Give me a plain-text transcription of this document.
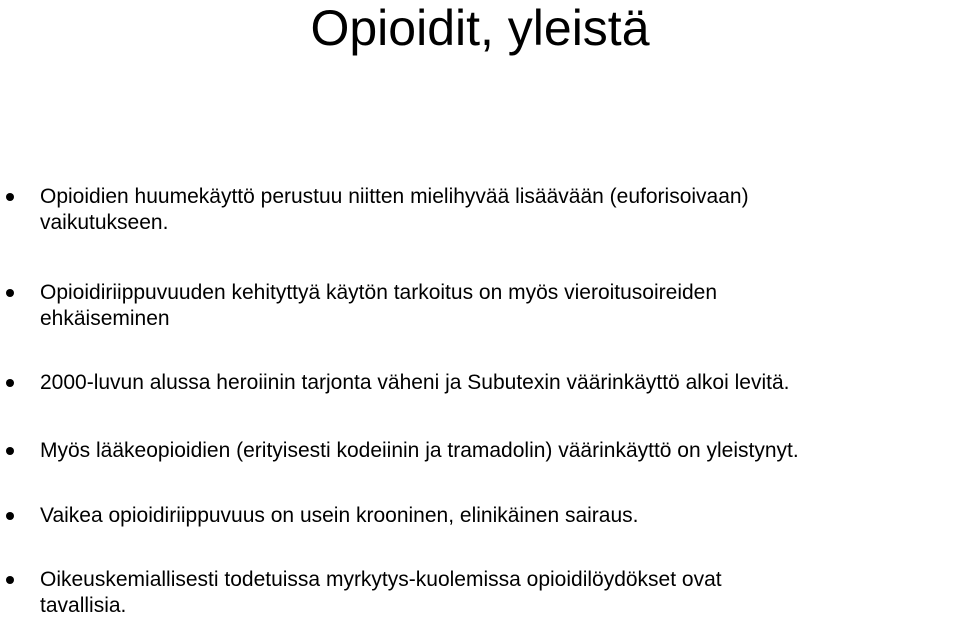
Opioidit, yleistä
Opioidien huumekäyttö perustuu niitten mielihyvää lisäävään (euforisoivaan)
vaikutukseen.
Opioidiriippuvuuden kehityttyä käytön tarkoitus on myös vieroitusoireiden
ehkäiseminen
2000-luvun alussa heroiinin tarjonta väheni ja Subutexin väärinkäyttö alkoi levitä.
Myös lääkeopioidien (erityisesti kodeiinin ja tramadolin) väärinkäyttö on yleistynyt.
Vaikea opioidiriippuvuus on usein krooninen, elinikäinen sairaus.
Oikeuskemiallisesti todetuissa myrkytys-kuolemissa opioidilöydökset ovat
tavallisia.
